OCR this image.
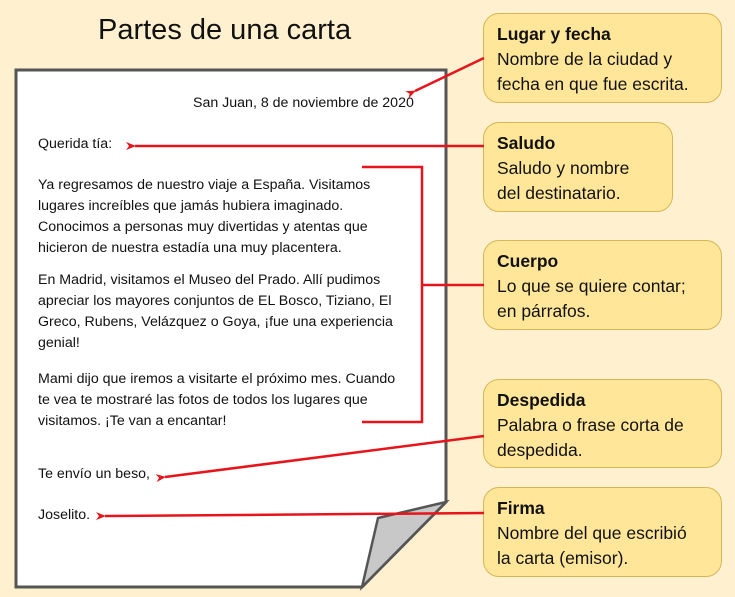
Partes de una carta
San Juan, 8 de noviembre de 2020
Querida tía:
Ya regresamos de nuestro viaje a España. Visitamos
lugares increíbles que jamás hubiera imaginado.
Conocimos a personas muy divertidas y atentas que
hicieron de nuestra estadía una muy placentera.
En Madrid, visitamos el Museo del Prado. Allí pudimos
apreciar los mayores conjuntos de EL Bosco, Tiziano, El
Greco, Rubens, Velázquez o Goya, ¡fue una experiencia
genial!
Mami dijo que iremos a visitarte el próximo mes. Cuando
te vea te mostraré las fotos de todos los lugares que
visitamos. ¡Te van a encantar!
Te envío un beso,
Joselito.
Lugar y fecha
Nombre de la ciudad y
fecha en que fue escrita.
Saludo
Saludo y nombre
del destinatario.
Cuerpo
Lo que se quiere contar;
en párrafos.
Despedida
Palabra o frase corta de
despedida.
Firma
Nombre del que escribió
la carta (emisor).
